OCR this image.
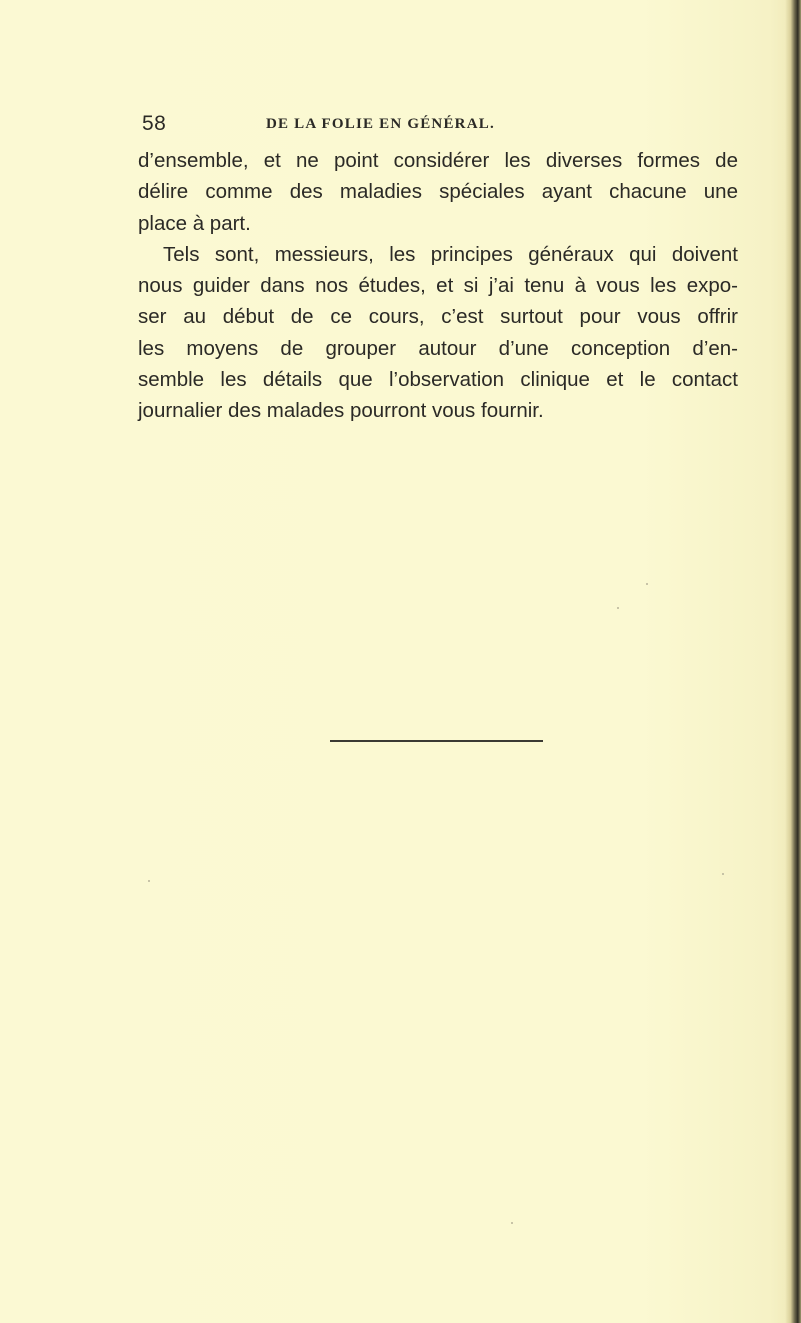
58	DE LA FOLIE EN GÉNÉRAL.
d’ensemble, et ne point considérer les diverses formes de
délire comme des maladies spéciales ayant chacune une
place à part.
Tels sont, messieurs, les principes généraux qui doivent
nous guider dans nos études, et si j’ai tenu à vous les expo-
ser au début de ce cours, c’est surtout pour vous offrir
les moyens de grouper autour d’une conception d’en-
semble les détails que l’observation clinique et le contact
journalier des malades pourront vous fournir.
